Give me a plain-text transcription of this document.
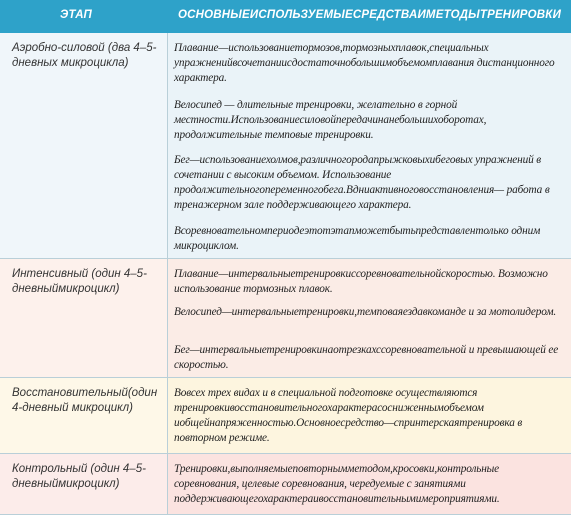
ЭТАП	ОСНОВНЫЕИСПОЛЬЗУЕМЫЕСРЕДСТВАИМЕТОДЫТРЕНИРОВКИ
Аэробно-силовой (два 4–5-дневных микроцикла)
Плавание—использованиетормозов,тормозныхплавок,специальных упражненийвсочетаниисдостаточнобольшимобъемомплавания дистанционного характера.
Велосипед — длительные тренировки, желательно в горной местности.Использованиесиловойпередачинанебольшихоборотах, продолжительные темповые тренировки.
Бег—использованиехолмов,различногородапрыжковыхибеговых упражнений в сочетании с высоким объемом. Использование продолжительногопеременногобега.Вдниактивноговосстановления— работа в тренажерном зале поддерживающего характера.
Всоревновательномпериодеэтотэтапможетбытьпредставлентолько одним микроциклом.
Интенсивный (один 4–5-дневныймикроцикл)
Плавание—интервальныетренировкиссоревновательнойскоростью. Возможно использование тормозных плавок.
Велосипед—интервальныетренировки,темповаяездавкоманде и за мотолидером.
Бег—интервальныетренировкинаотрезкахссоревновательной и превышающей ее скоростью.
Восстановительный(один 4-дневный микроцикл)
Вовсех трех видах и в специальной подготовке осуществляются тренировкивосстановительногохарактерасосниженнымобъемом иобщейнапряженностью.Основноесредство—спринтерскаятренировка в повторном режиме.
Контрольный (один 4–5-дневныймикроцикл)
Тренировки,выполняемыеповторнымметодом,кросовки,контрольные соревнования, целевые соревнования, чередуемые с занятиями поддерживающегохарактераивосстановительнымимероприятиями.
